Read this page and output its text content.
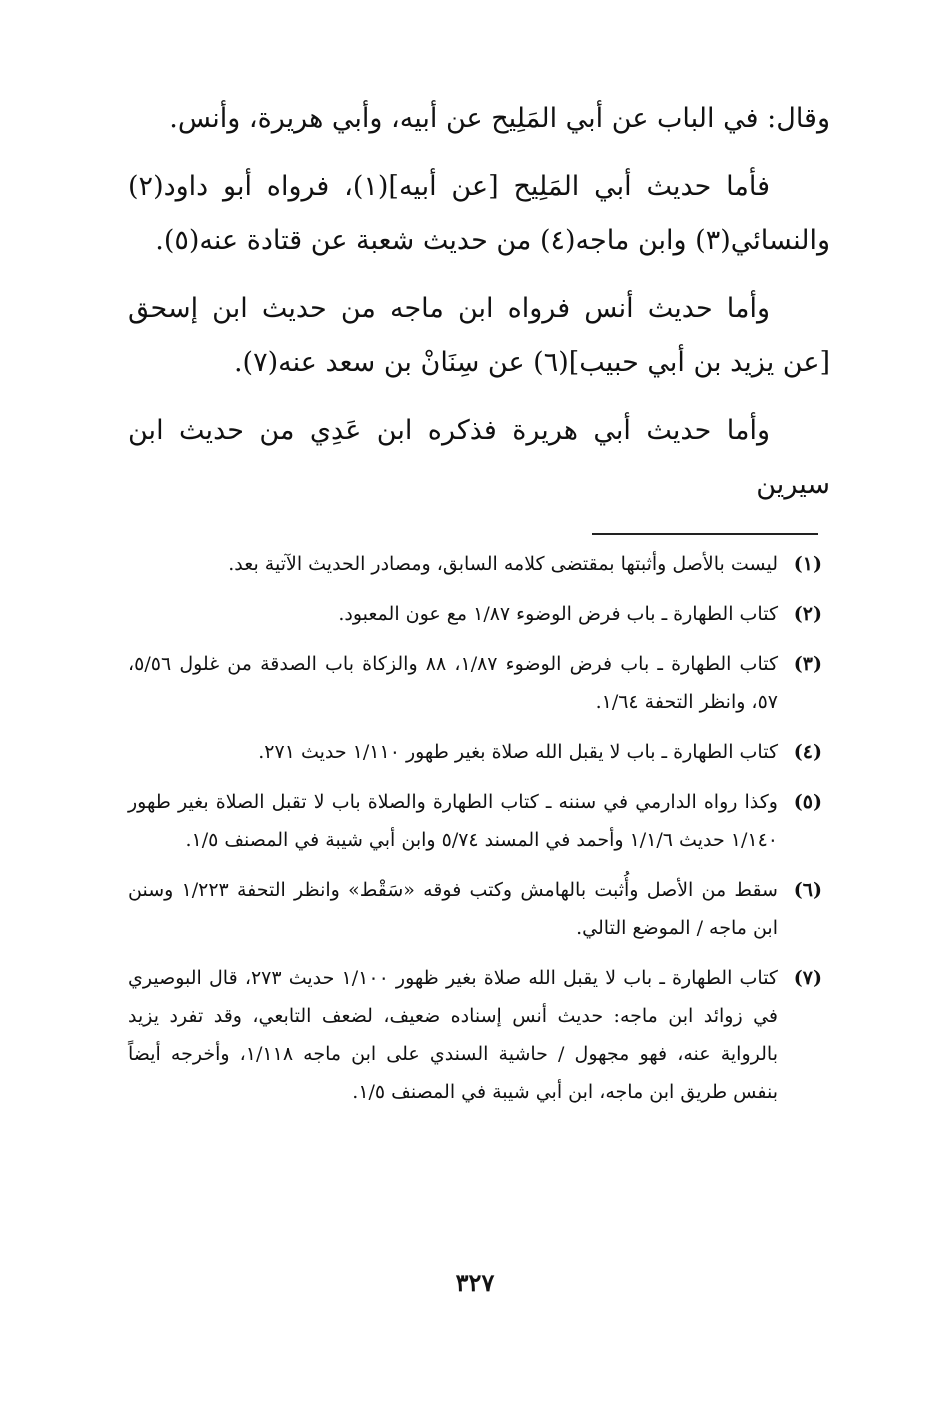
وقال: في الباب عن أبي المَلِيح عن أبيه، وأبي هريرة، وأنس.

فأما حديث أبي المَلِيح [عن أبيه](١)، فرواه أبو داود(٢) والنسائي(٣) وابن ماجه(٤) من حديث شعبة عن قتادة عنه(٥).

وأما حديث أنس فرواه ابن ماجه من حديث ابن إسحق [عن يزيد بن أبي حبيب](٦) عن سِنَانْ بن سعد عنه(٧).

وأما حديث أبي هريرة فذكره ابن عَدِي من حديث ابن سيرين

(١)
ليست بالأصل وأثبتها بمقتضى كلامه السابق، ومصادر الحديث الآتية بعد.
(٢)
كتاب الطهارة ـ باب فرض الوضوء ١/٨٧ مع عون المعبود.
(٣)
كتاب الطهارة ـ باب فرض الوضوء ١/٨٧، ٨٨ والزكاة باب الصدقة من غلول ٥/٥٦، ٥٧، وانظر التحفة ١/٦٤.
(٤)
كتاب الطهارة ـ باب لا يقبل الله صلاة بغير طهور ١/١١٠ حديث ٢٧١.
(٥)
وكذا رواه الدارمي في سننه ـ كتاب الطهارة والصلاة باب لا تقبل الصلاة بغير طهور ١/١٤٠ حديث ١/١/٦ وأحمد في المسند ٥/٧٤ وابن أبي شيبة في المصنف ١/٥.
(٦)
سقط من الأصل وأُثبت بالهامش وكتب فوقه «سَقْط» وانظر التحفة ١/٢٢٣ وسنن ابن ماجه / الموضع التالي.
(٧)
كتاب الطهارة ـ باب لا يقبل الله صلاة بغير ظهور ١/١٠٠ حديث ٢٧٣، قال البوصيري في زوائد ابن ماجه: حديث أنس إسناده ضعيف، لضعف التابعي، وقد تفرد يزيد بالرواية عنه، فهو مجهول / حاشية السندي على ابن ماجه ١/١١٨، وأخرجه أيضاً بنفس طريق ابن ماجه، ابن أبي شيبة في المصنف ١/٥.
٣٢٧
